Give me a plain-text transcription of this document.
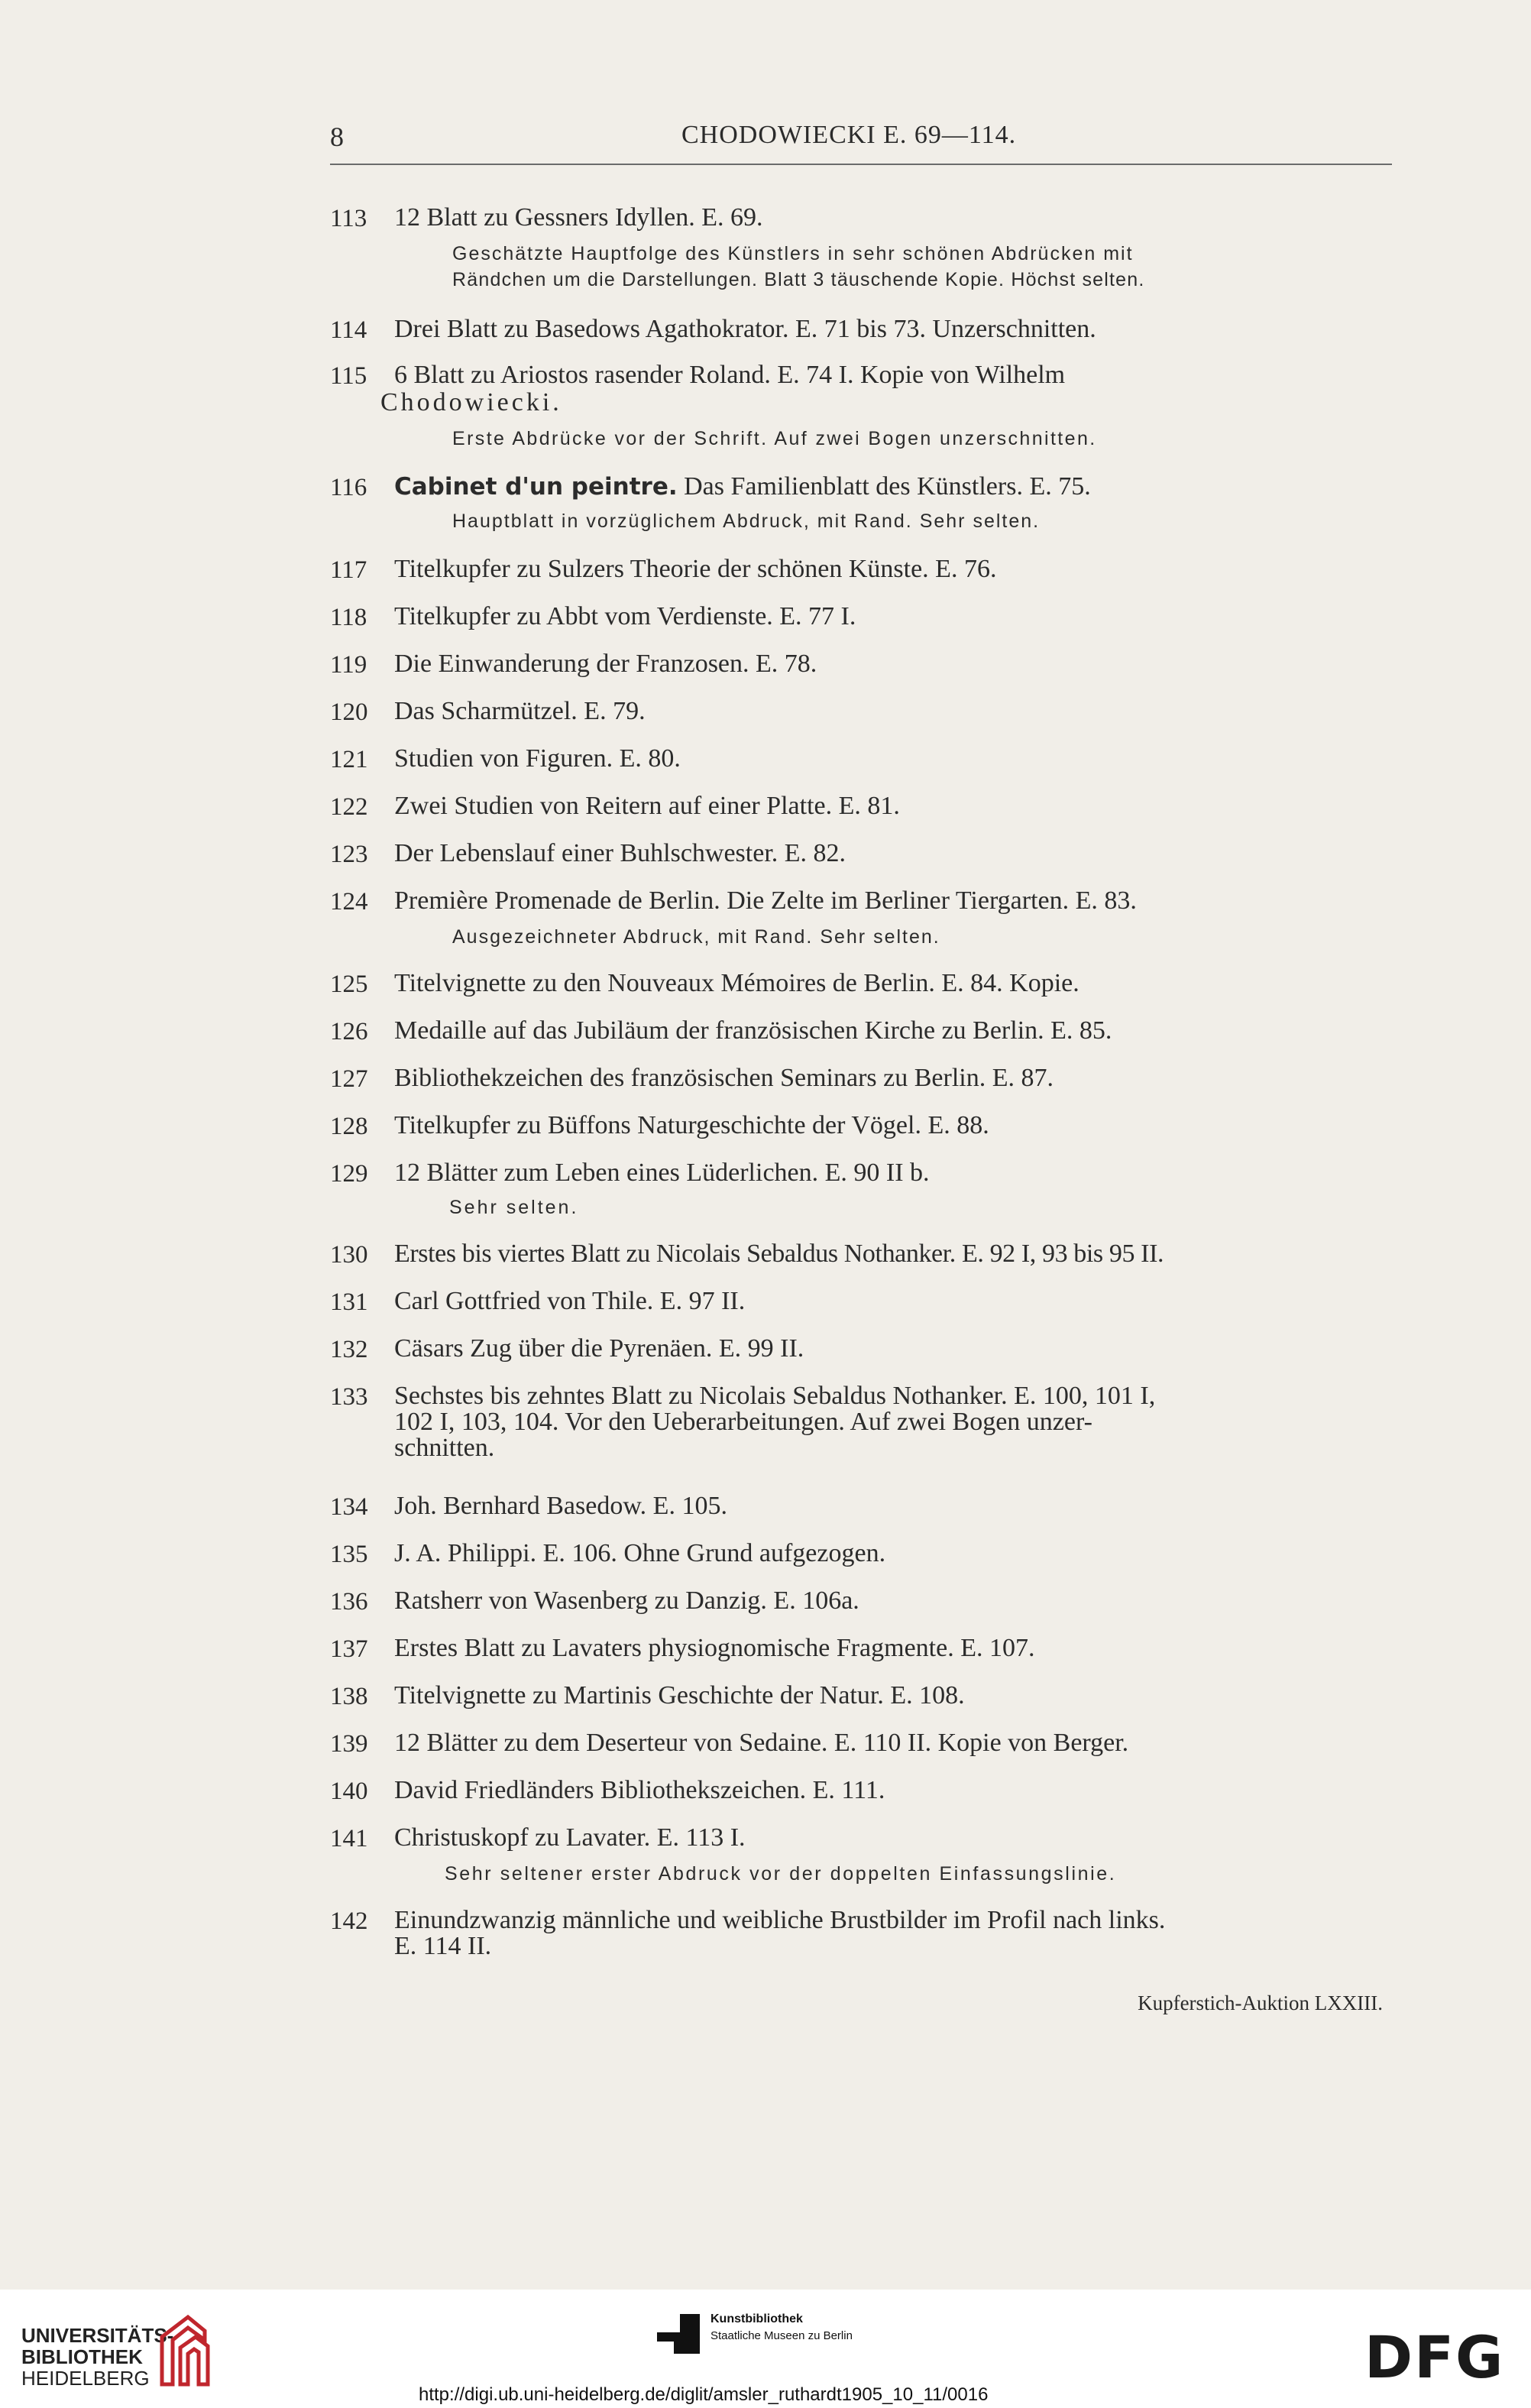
8	CHODOWIECKI E. 69—114.
113 12 Blatt zu Gessners Idyllen. E. 69.
Geschätzte Hauptfolge des Künstlers in sehr schönen Abdrücken mit
Rändchen um die Darstellungen. Blatt 3 täuschende Kopie. Höchst selten.
114 Drei Blatt zu Basedows Agathokrator. E. 71 bis 73. Unzerschnitten.
115 6 Blatt zu Ariostos rasender Roland. E. 74 I. Kopie von Wilhelm
Chodowiecki.
Erste Abdrücke vor der Schrift. Auf zwei Bogen unzerschnitten.
116 Cabinet d'un peintre. Das Familienblatt des Künstlers. E. 75.
Hauptblatt in vorzüglichem Abdruck, mit Rand. Sehr selten.
117 Titelkupfer zu Sulzers Theorie der schönen Künste. E. 76.
118 Titelkupfer zu Abbt vom Verdienste. E. 77 I.
119 Die Einwanderung der Franzosen. E. 78.
120 Das Scharmützel. E. 79.
121 Studien von Figuren. E. 80.
122 Zwei Studien von Reitern auf einer Platte. E. 81.
123 Der Lebenslauf einer Buhlschwester. E. 82.
124 Première Promenade de Berlin. Die Zelte im Berliner Tiergarten. E. 83.
Ausgezeichneter Abdruck, mit Rand. Sehr selten.
125 Titelvignette zu den Nouveaux Mémoires de Berlin. E. 84. Kopie.
126 Medaille auf das Jubiläum der französischen Kirche zu Berlin. E. 85.
127 Bibliothekzeichen des französischen Seminars zu Berlin. E. 87.
128 Titelkupfer zu Büffons Naturgeschichte der Vögel. E. 88.
129 12 Blätter zum Leben eines Lüderlichen. E. 90 II b.
Sehr selten.
130 Erstes bis viertes Blatt zu Nicolais Sebaldus Nothanker. E. 92 I, 93 bis 95 II.
131 Carl Gottfried von Thile. E. 97 II.
132 Cäsars Zug über die Pyrenäen. E. 99 II.
133 Sechstes bis zehntes Blatt zu Nicolais Sebaldus Nothanker. E. 100, 101 I,
102 I, 103, 104. Vor den Ueberarbeitungen. Auf zwei Bogen unzer-
schnitten.
134 Joh. Bernhard Basedow. E. 105.
135 J. A. Philippi. E. 106. Ohne Grund aufgezogen.
136 Ratsherr von Wasenberg zu Danzig. E. 106a.
137 Erstes Blatt zu Lavaters physiognomische Fragmente. E. 107.
138 Titelvignette zu Martinis Geschichte der Natur. E. 108.
139 12 Blätter zu dem Deserteur von Sedaine. E. 110 II. Kopie von Berger.
140 David Friedländers Bibliothekszeichen. E. 111.
141 Christuskopf zu Lavater. E. 113 I.
Sehr seltener erster Abdruck vor der doppelten Einfassungslinie.
142 Einundzwanzig männliche und weibliche Brustbilder im Profil nach links.
E. 114 II.
Kupferstich-Auktion LXXIII.
UNIVERSITÄTS-
BIBLIOTHEK
HEIDELBERG
Kunstbibliothek
Staatliche Museen zu Berlin	DFG
http://digi.ub.uni-heidelberg.de/diglit/amsler_ruthardt1905_10_11/0016
